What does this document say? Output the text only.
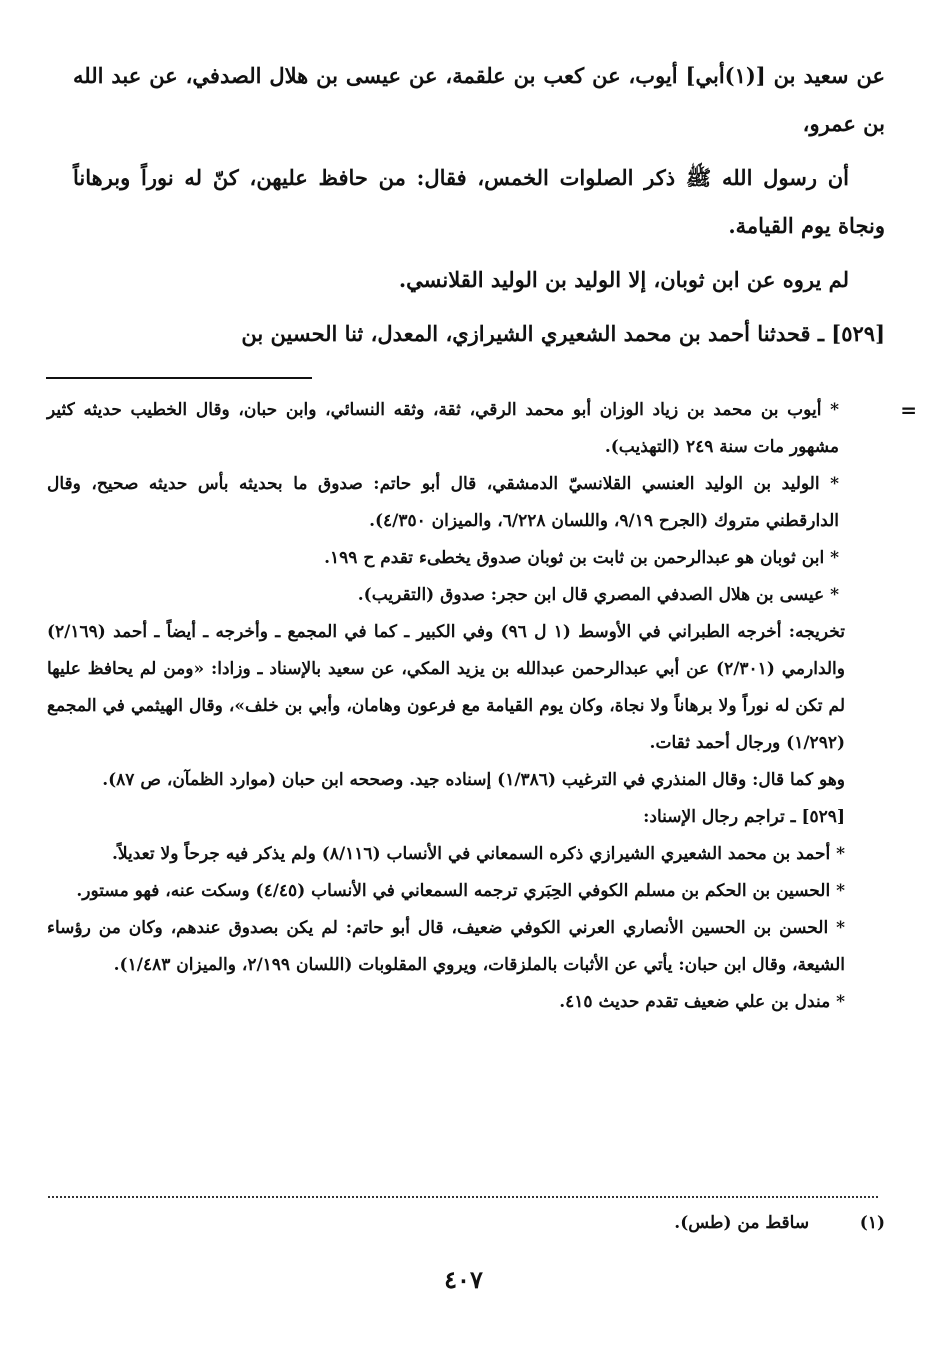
عن سعيد بن [(١)أبي] أيوب، عن كعب بن علقمة، عن عيسى بن هلال الصدفي، عن عبد الله بن عمرو،

أن رسول الله ﷺ ذكر الصلوات الخمس، فقال: من حافظ عليهن، كنّ له نوراً وبرهاناً ونجاة يوم القيامة.

لم يروه عن ابن ثوبان، إلا الوليد بن الوليد القلانسي.

[٥٢٩] ـ قحدثنا أحمد بن محمد الشعيري الشيرازي، المعدل، ثنا الحسين بن

=

* أيوب بن محمد بن زياد الوزان أبو محمد الرقي، ثقة، وثقه النسائي، وابن حبان، وقال الخطيب حديثه كثير مشهور مات سنة ٢٤٩ (التهذيب).

* الوليد بن الوليد العنسي القلانسيّ الدمشقي، قال أبو حاتم: صدوق ما بحديثه بأس حديثه صحيح، وقال الدارقطني متروك (الجرح ٩/١٩، واللسان ٦/٢٢٨، والميزان ٤/٣٥٠).

* ابن ثوبان هو عبدالرحمن بن ثابت بن ثوبان صدوق يخطىء تقدم ح ١٩٩.

* عيسى بن هلال الصدفي المصري قال ابن حجر: صدوق (التقريب).

تخريجه: أخرجه الطبراني في الأوسط (١ ل ٩٦) وفي الكبير ـ كما في المجمع ـ وأخرجه ـ أيضاً ـ أحمد (٢/١٦٩) والدارمي (٢/٣٠١) عن أبي عبدالرحمن عبدالله بن يزيد المكي، عن سعيد بالإسناد ـ وزادا: «ومن لم يحافظ عليها لم تكن له نوراً ولا برهاناً ولا نجاة، وكان يوم القيامة مع فرعون وهامان، وأبي بن خلف»، وقال الهيثمي في المجمع (١/٢٩٢) ورجال أحمد ثقات.

وهو كما قال: وقال المنذري في الترغيب (١/٣٨٦) إسناده جيد. وصححه ابن حبان (موارد الظمآن، ص ٨٧).

[٥٢٩] ـ تراجم رجال الإسناد:

* أحمد بن محمد الشعيري الشيرازي ذكره السمعاني في الأنساب (٨/١١٦) ولم يذكر فيه جرحاً ولا تعديلاً.

* الحسين بن الحكم بن مسلم الكوفي الحِبَري ترجمه السمعاني في الأنساب (٤/٤٥) وسكت عنه، فهو مستور.

* الحسن بن الحسين الأنصاري العرني الكوفي ضعيف، قال أبو حاتم: لم يكن بصدوق عندهم، وكان من رؤساء الشيعة، وقال ابن حبان: يأتي عن الأثبات بالملزقات، ويروي المقلوبات (اللسان ٢/١٩٩، والميزان ١/٤٨٣).

* مندل بن علي ضعيف تقدم حديث ٤١٥.

(١) ساقط من (طس).
٤٠٧
